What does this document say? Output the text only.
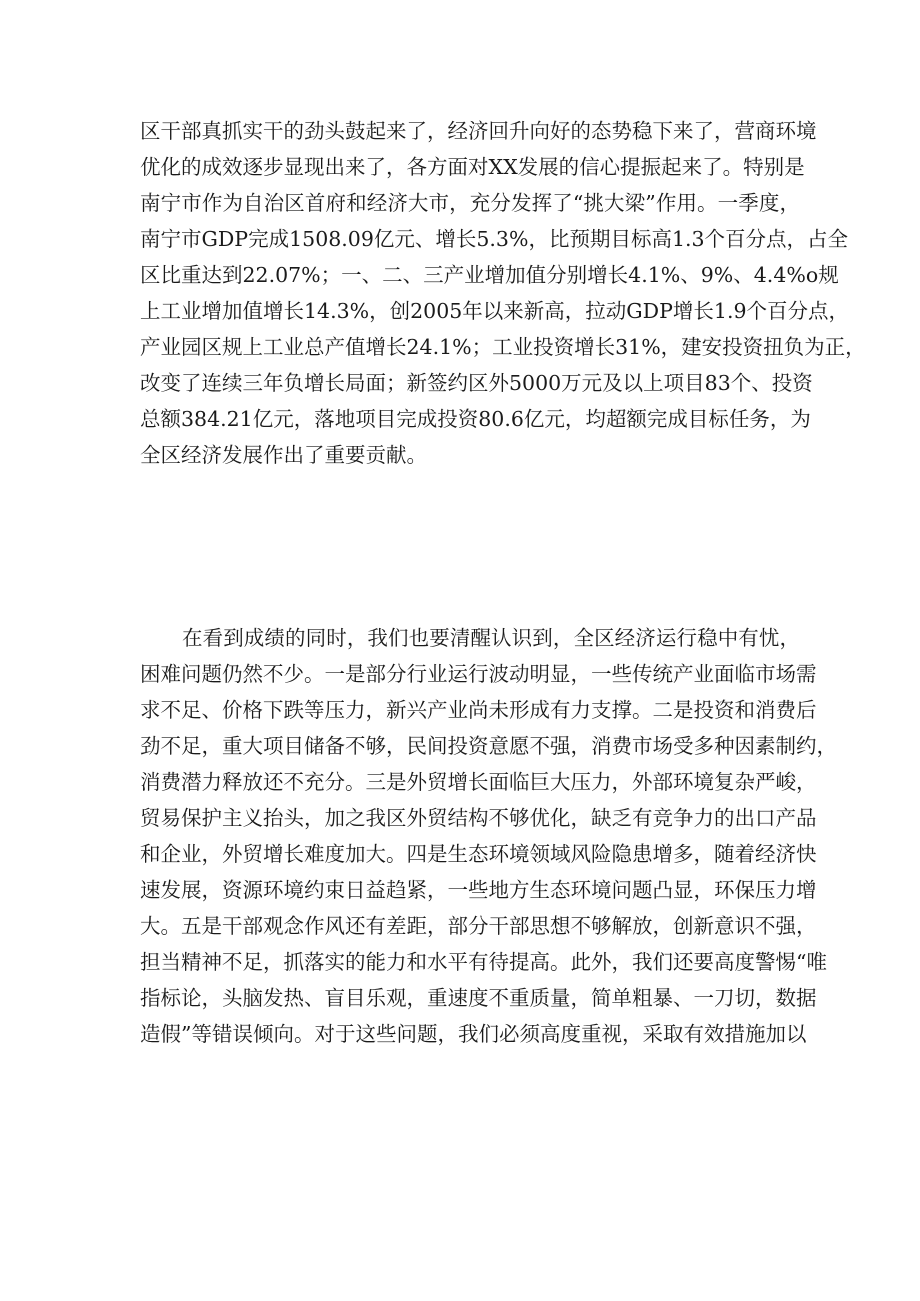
区干部真抓实干的劲头鼓起来了，经济回升向好的态势稳下来了，营商环境
优化的成效逐步显现出来了，各方面对XX发展的信心提振起来了。特别是
南宁市作为自治区首府和经济大市，充分发挥了“挑大梁”作用。一季度，
南宁市GDP完成1508.09亿元、增长5.3%，比预期目标高1.3个百分点，占全
区比重达到22.07%；一、二、三产业增加值分别增长4.1%、9%、4.4%o规
上工业增加值增长14.3%，创2005年以来新高，拉动GDP增长1.9个百分点，
产业园区规上工业总产值增长24.1%；工业投资增长31%，建安投资扭负为正，
改变了连续三年负增长局面；新签约区外5000万元及以上项目83个、投资
总额384.21亿元，落地项目完成投资80.6亿元，均超额完成目标任务，为
全区经济发展作出了重要贡献。
在看到成绩的同时，我们也要清醒认识到，全区经济运行稳中有忧，
困难问题仍然不少。一是部分行业运行波动明显，一些传统产业面临市场需
求不足、价格下跌等压力，新兴产业尚未形成有力支撑。二是投资和消费后
劲不足，重大项目储备不够，民间投资意愿不强，消费市场受多种因素制约，
消费潜力释放还不充分。三是外贸增长面临巨大压力，外部环境复杂严峻，
贸易保护主义抬头，加之我区外贸结构不够优化，缺乏有竞争力的出口产品
和企业，外贸增长难度加大。四是生态环境领域风险隐患增多，随着经济快
速发展，资源环境约束日益趋紧，一些地方生态环境问题凸显，环保压力增
大。五是干部观念作风还有差距，部分干部思想不够解放，创新意识不强，
担当精神不足，抓落实的能力和水平有待提高。此外，我们还要高度警惕“唯
指标论，头脑发热、盲目乐观，重速度不重质量，简单粗暴、一刀切，数据
造假”等错误倾向。对于这些问题，我们必须高度重视，采取有效措施加以
